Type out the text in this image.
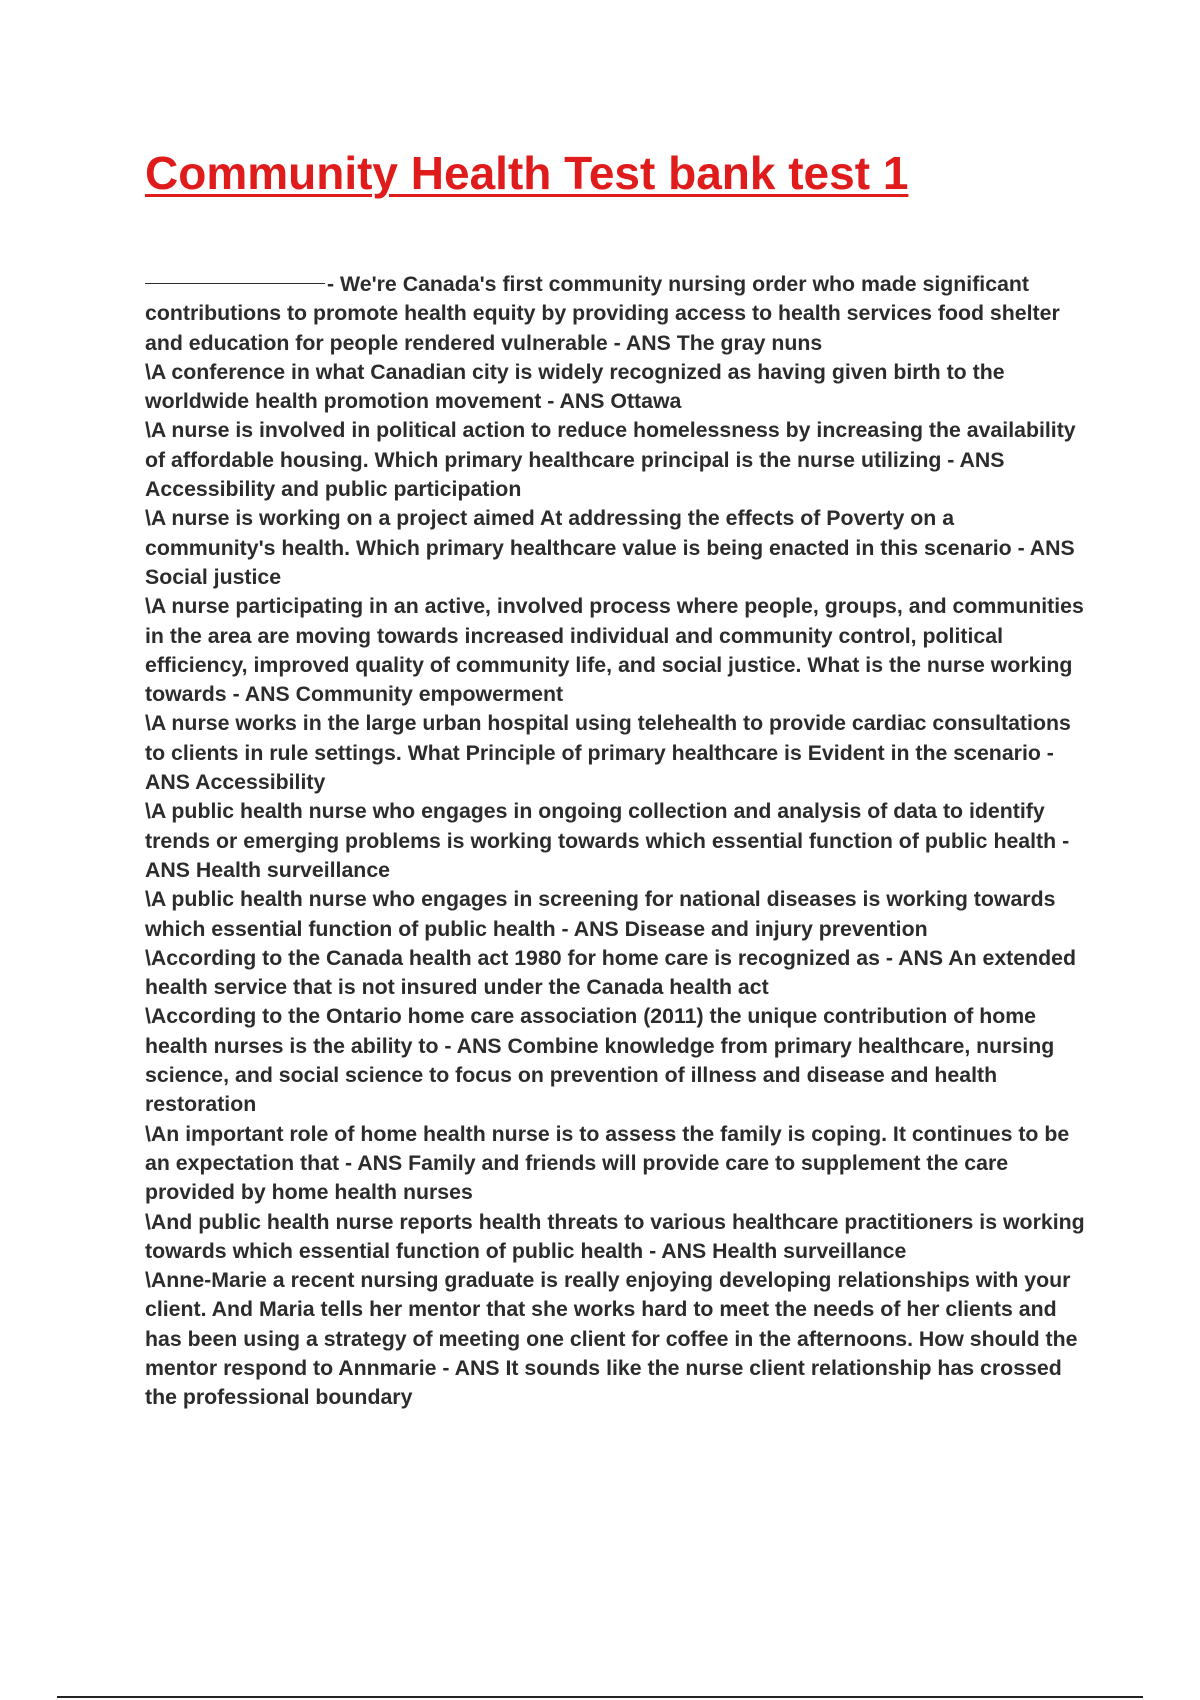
Community Health Test bank test 1

- We're Canada's first community nursing order who made significant contributions to promote health equity by providing access to health services food shelter and education for people rendered vulnerable - ANS The gray nuns

\A conference in what Canadian city is widely recognized as having given birth to the worldwide health promotion movement - ANS Ottawa

\A nurse is involved in political action to reduce homelessness by increasing the availability of affordable housing. Which primary healthcare principal is the nurse utilizing - ANS Accessibility and public participation

\A nurse is working on a project aimed At addressing the effects of Poverty on a community's health. Which primary healthcare value is being enacted in this scenario - ANS Social justice

\A nurse participating in an active, involved process where people, groups, and communities in the area are moving towards increased individual and community control, political efficiency, improved quality of community life, and social justice. What is the nurse working towards - ANS Community empowerment

\A nurse works in the large urban hospital using telehealth to provide cardiac consultations to clients in rule settings. What Principle of primary healthcare is Evident in the scenario - ANS Accessibility

\A public health nurse who engages in ongoing collection and analysis of data to identify trends or emerging problems is working towards which essential function of public health - ANS Health surveillance

\A public health nurse who engages in screening for national diseases is working towards which essential function of public health - ANS Disease and injury prevention

\According to the Canada health act 1980 for home care is recognized as - ANS An extended health service that is not insured under the Canada health act

\According to the Ontario home care association (2011) the unique contribution of home health nurses is the ability to - ANS Combine knowledge from primary healthcare, nursing science, and social science to focus on prevention of illness and disease and health restoration

\An important role of home health nurse is to assess the family is coping. It continues to be an expectation that - ANS Family and friends will provide care to supplement the care provided by home health nurses

\And public health nurse reports health threats to various healthcare practitioners is working towards which essential function of public health - ANS Health surveillance

\Anne-Marie a recent nursing graduate is really enjoying developing relationships with your client. And Maria tells her mentor that she works hard to meet the needs of her clients and has been using a strategy of meeting one client for coffee in the afternoons. How should the mentor respond to Annmarie - ANS It sounds like the nurse client relationship has crossed the professional boundary
